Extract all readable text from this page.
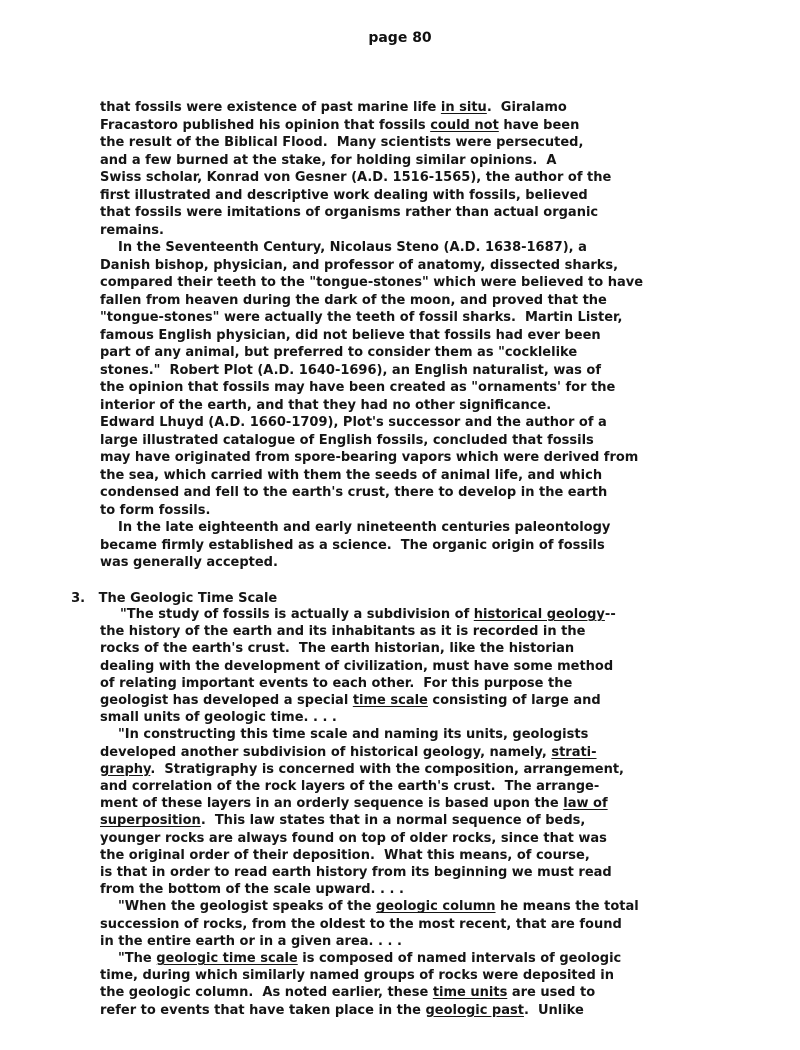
page 80
that fossils were existence of past marine life in situ.  Giralamo
Fracastoro published his opinion that fossils could not have been
the result of the Biblical Flood.  Many scientists were persecuted,
and a few burned at the stake, for holding similar opinions.  A
Swiss scholar, Konrad von Gesner (A.D. 1516-1565), the author of the
first illustrated and descriptive work dealing with fossils, believed
that fossils were imitations of organisms rather than actual organic
remains.
In the Seventeenth Century, Nicolaus Steno (A.D. 1638-1687), a
Danish bishop, physician, and professor of anatomy, dissected sharks,
compared their teeth to the "tongue-stones" which were believed to have
fallen from heaven during the dark of the moon, and proved that the
"tongue-stones" were actually the teeth of fossil sharks.  Martin Lister,
famous English physician, did not believe that fossils had ever been
part of any animal, but preferred to consider them as "cocklelike
stones."  Robert Plot (A.D. 1640-1696), an English naturalist, was of
the opinion that fossils may have been created as "ornaments' for the
interior of the earth, and that they had no other significance.
Edward Lhuyd (A.D. 1660-1709), Plot's successor and the author of a
large illustrated catalogue of English fossils, concluded that fossils
may have originated from spore-bearing vapors which were derived from
the sea, which carried with them the seeds of animal life, and which
condensed and fell to the earth's crust, there to develop in the earth
to form fossils.
In the late eighteenth and early nineteenth centuries paleontology
became firmly established as a science.  The organic origin of fossils
was generally accepted.
"The study of fossils is actually a subdivision of historical geology--
the history of the earth and its inhabitants as it is recorded in the
rocks of the earth's crust.  The earth historian, like the historian
dealing with the development of civilization, must have some method
of relating important events to each other.  For this purpose the
geologist has developed a special time scale consisting of large and
small units of geologic time. . . .
"In constructing this time scale and naming its units, geologists
developed another subdivision of historical geology, namely, strati-
graphy.  Stratigraphy is concerned with the composition, arrangement,
and correlation of the rock layers of the earth's crust.  The arrange-
ment of these layers in an orderly sequence is based upon the law of
superposition.  This law states that in a normal sequence of beds,
younger rocks are always found on top of older rocks, since that was
the original order of their deposition.  What this means, of course,
is that in order to read earth history from its beginning we must read
from the bottom of the scale upward. . . .
"When the geologist speaks of the geologic column he means the total
succession of rocks, from the oldest to the most recent, that are found
in the entire earth or in a given area. . . .
"The geologic time scale is composed of named intervals of geologic
time, during which similarly named groups of rocks were deposited in
the geologic column.  As noted earlier, these time units are used to
refer to events that have taken place in the geologic past.  Unlike

3. The Geologic Time Scale
